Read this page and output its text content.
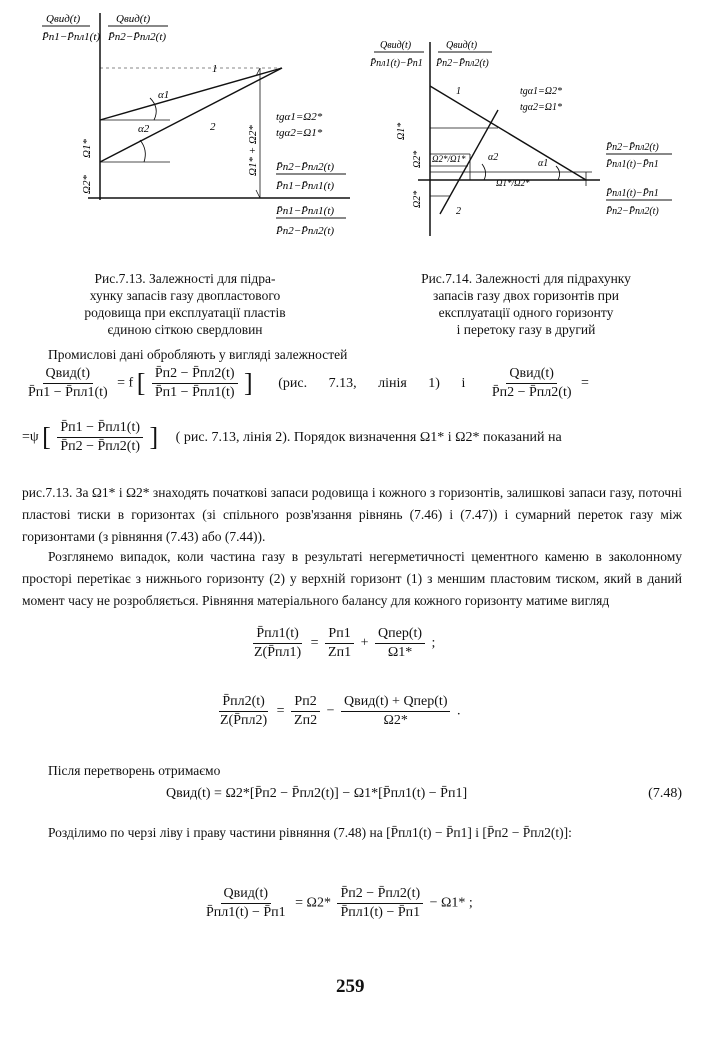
Qвид(t)
P̄п1−P̄пл1(t)
Qвид(t)
P̄п2−P̄пл2(t)
1
2
α1
α2
tgα1=Ω2*
tgα2=Ω1*
Ω1*
Ω2*
Ω1* + Ω2* P̄п2−P̄пл2(t)
P̄п1−P̄пл1(t)
P̄п1−P̄пл1(t)
P̄п2−P̄пл2(t)
Qвид(t)
P̄пл1(t)−P̄п1
Qвид(t)
P̄п2−P̄пл2(t)
1
2
α2
α1
tgα1=Ω2*
tgα2=Ω1*
Ω2*/Ω1*
Ω1*/Ω2*
Ω1*
Ω2*
Ω2*
P̄п2−P̄пл2(t)
P̄пл1(t)−P̄п1
P̄пл1(t)−P̄п1
P̄п2−P̄пл2(t)
Рис.7.13. Залежності для підра-
хунку запасів газу двопластового
родовища при експлуатації пластів
єдиною сіткою свердловин
Рис.7.14. Залежності для підрахунку
запасів газу двох горизонтів при
експлуатації одного горизонту
і перетоку газу в другий
Промислові дані обробляють у вигляді залежностей
$\frac{\text{Qвид(t)}}{P̄п1 - P̄пл1(t)} = f$ [ $\frac{P̄п2 - P̄пл2(t)}{P̄п1 - P̄пл1(t)}$ ] (рис. 7.13, лінія 1) і $\frac{\text{Qвид(t)}}{P̄п2 - P̄пл2(t)}$ =
=ψ [ $\frac{P̄п1 - P̄пл1(t)}{P̄п2 - P̄пл2(t)}$ ] ( рис. 7.13, лінія 2). Порядок визначення Ω1* і Ω2* показаний на
рис.7.13. За Ω1* і Ω2* знаходять початкові запаси родовища і кожного з горизонтів, залишкові запаси газу, поточні пластові тиски в горизонтах (зі спільного розв'язання рівнянь (7.46) і (7.47)) і сумарний переток газу між горизонтами (з рівняння (7.43) або (7.44)).
Розглянемо випадок, коли частина газу в результаті негерметичності цементного каменю в заколонному просторі перетікає з нижнього горизонту (2) у верхній горизонт (1) з меншим пластовим тиском, який в даний момент часу не розробляється. Рівняння матеріального балансу для кожного горизонту матиме вигляд
$\frac{P̄пл1(t)}{Z(P̄пл1)} = \frac{Pп1}{Zп1} + \frac{\text{Qпер(t)}}{\Omega 1*}$ ;
$\frac{P̄пл2(t)}{Z(P̄пл2)} = \frac{Pп2}{Zп2} - \frac{\text{Qвид(t) + Qпер(t)}}{\Omega 2*}$ .
Після перетворень отримаємо
Qвид(t) = Ω2*[P̄п2 − P̄пл2(t)] − Ω1*[P̄пл1(t) − P̄п1]	(7.48)
Розділимо по черзі ліву і праву частини рівняння (7.48) на [P̄пл1(t) − P̄п1] і [P̄п2 − P̄пл2(t)]:
$\frac{\text{Qвид(t)}}{P̄пл1(t) - P̄п1} = \Omega 2* \frac{P̄п2 - P̄пл2(t)}{P̄пл1(t) - P̄п1} - \Omega 1*$ ;
259
